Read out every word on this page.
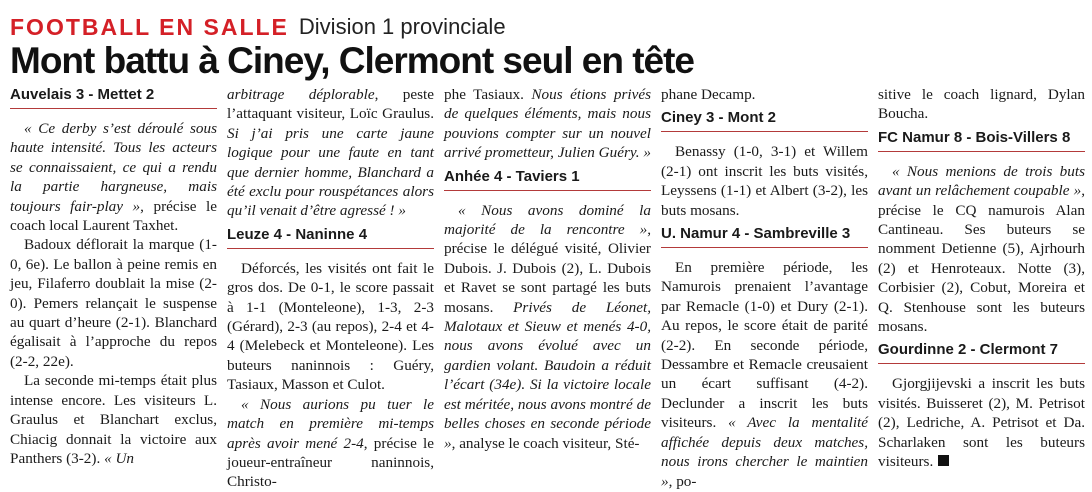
FOOTBALL EN SALLE Division 1 provinciale
Mont battu à Ciney, Clermont seul en tête
Auvelais 3 - Mettet 2

« Ce derby s’est déroulé sous haute intensité. Tous les acteurs se connaissaient, ce qui a rendu la partie hargneuse, mais toujours fair-play », précise le coach local Laurent Taxhet.

Badoux déflorait la marque (1-0, 6e). Le ballon à peine remis en jeu, Filaferro doublait la mise (2-0). Pemers relançait le suspense au quart d’heure (2-1). Blanchard égalisait à l’approche du repos (2-2, 22e).

La seconde mi-temps était plus intense encore. Les visiteurs L. Graulus et Blanchart exclus, Chiacig donnait la victoire aux Panthers (3-2). « Un

arbitrage déplorable, peste l’attaquant visiteur, Loïc Graulus. Si j’ai pris une carte jaune logique pour une faute en tant que dernier homme, Blanchard a été exclu pour rouspétances alors qu’il venait d’être agressé ! »

Leuze 4 - Naninne 4

Déforcés, les visités ont fait le gros dos. De 0-1, le score passait à 1-1 (Monteleone), 1-3, 2-3 (Gérard), 2-3 (au repos), 2-4 et 4-4 (Melebeck et Monteleone). Les buteurs naninnois : Guéry, Tasiaux, Masson et Culot.

« Nous aurions pu tuer le match en première mi-temps après avoir mené 2-4, précise le joueur-entraîneur naninnois, Christo-

phe Tasiaux. Nous étions privés de quelques éléments, mais nous pouvions compter sur un nouvel arrivé prometteur, Julien Guéry. »

Anhée 4 - Taviers 1

« Nous avons dominé la majorité de la rencontre », précise le délégué visité, Olivier Dubois. J. Dubois (2), L. Dubois et Ravet se sont partagé les buts mosans. Privés de Léonet, Malotaux et Sieuw et menés 4-0, nous avons évolué avec un gardien volant. Baudoin a réduit l’écart (34e). Si la victoire locale est méritée, nous avons montré de belles choses en seconde période », analyse le coach visiteur, Sté-

phane Decamp.

Ciney 3 - Mont 2

Benassy (1-0, 3-1) et Willem (2-1) ont inscrit les buts visités, Leyssens (1-1) et Albert (3-2), les buts mosans.

U. Namur 4 - Sambreville 3

En première période, les Namurois prenaient l’avantage par Remacle (1-0) et Dury (2-1). Au repos, le score était de parité (2-2). En seconde période, Dessambre et Remacle creusaient un écart suffisant (4-2). Declunder a inscrit les buts visiteurs. « Avec la mentalité affichée depuis deux matches, nous irons chercher le maintien », po-

sitive le coach lignard, Dylan Boucha.

FC Namur 8 - Bois-Villers 8

« Nous menions de trois buts avant un relâchement coupable », précise le CQ namurois Alan Cantineau. Ses buteurs se nomment Detienne (5), Ajrhourh (2) et Henroteaux. Notte (3), Corbisier (2), Cobut, Moreira et Q. Stenhouse sont les buteurs mosans.

Gourdinne 2 - Clermont 7

Gjorgjijevski a inscrit les buts visités. Buisseret (2), M. Petrisot (2), Ledriche, A. Petrisot et Da. Scharlaken sont les buteurs visiteurs.
